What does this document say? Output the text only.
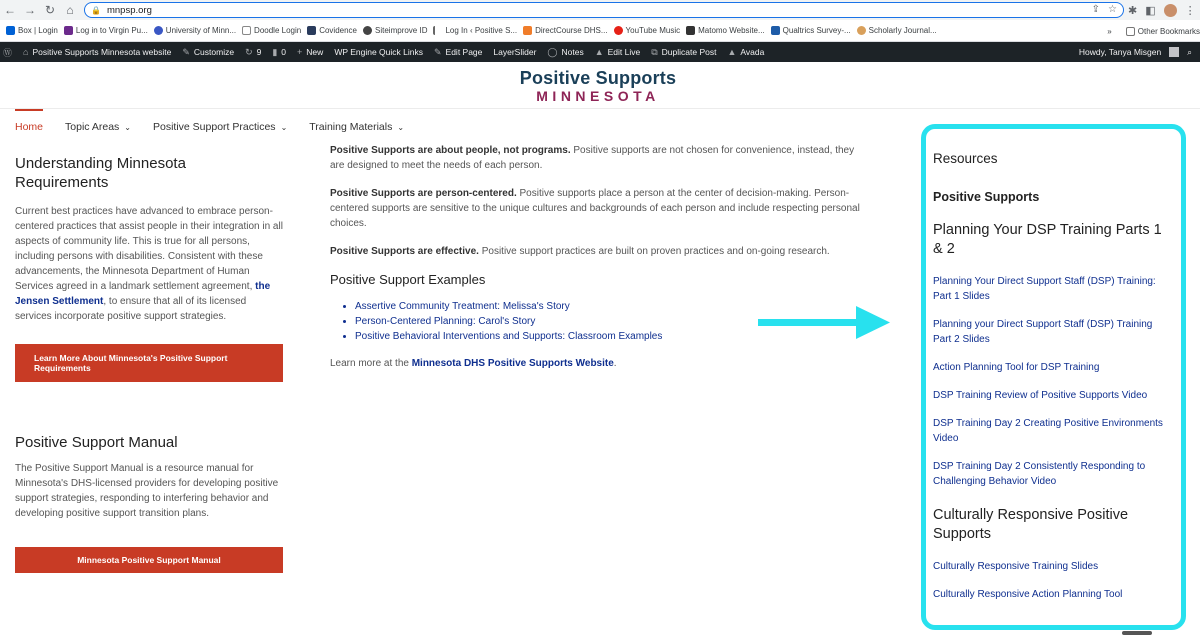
← → ↻ ⌂	🔒 mnpsp.org	⇪ ☆ ✱ ◧	⋮
Box | Login Log in to Virgin Pu... University of Minn... Doodle Login Covidence Siteimprove ID Log In ‹ Positive S... DirectCourse DHS... YouTube Music Matomo Website... Qualtrics Survey-... Scholarly Journal...	»	Other Bookmarks
Ⓦ ⌂ Positive Supports Minnesota website ✎ Customize ↻ 9 ▮ 0 + New WP Engine Quick Links ✎ Edit Page LayerSlider ◯ Notes ▲ Edit Live ⧉ Duplicate Post ▲ Avada	Howdy, Tanya Misgen	⌕
Positive Supports
MINNESOTA
Home Topic Areas ⌄ Positive Support Practices ⌄ Training Materials ⌄
Understanding Minnesota Requirements

Current best practices have advanced to embrace person-centered practices that assist people in their integration in all aspects of community life. This is true for all persons, including persons with disabilities. Consistent with these advancements, the Minnesota Department of Human Services agreed in a landmark settlement agreement, the Jensen Settlement, to ensure that all of its licensed services incorporate positive support strategies.

Learn More About Minnesota's Positive Support Requirements
Positive Support Manual

The Positive Support Manual is a resource manual for Minnesota's DHS-licensed providers for developing positive support strategies, responding to interfering behavior and developing positive support transition plans.

Minnesota Positive Support Manual

Positive Supports are about people, not programs. Positive supports are not chosen for convenience, instead, they are designed to meet the needs of each person.

Positive Supports are person-centered. Positive supports place a person at the center of decision-making. Person-centered supports are sensitive to the unique cultures and backgrounds of each person and include respecting personal choices.

Positive Supports are effective. Positive support practices are built on proven practices and on-going research.

Positive Support Examples
• Assertive Community Treatment: Melissa's Story
• Person-Centered Planning: Carol's Story
• Positive Behavioral Interventions and Supports: Classroom Examples

Learn more at the Minnesota DHS Positive Supports Website.

Resources
Positive Supports
Planning Your DSP Training Parts 1 & 2
Planning Your Direct Support Staff (DSP) Training: Part 1 Slides
Planning your Direct Support Staff (DSP) Training Part 2 Slides
Action Planning Tool for DSP Training
DSP Training Review of Positive Supports Video
DSP Training Day 2 Creating Positive Environments Video
DSP Training Day 2 Consistently Responding to Challenging Behavior Video
Culturally Responsive Positive Supports
Culturally Responsive Training Slides
Culturally Responsive Action Planning Tool
